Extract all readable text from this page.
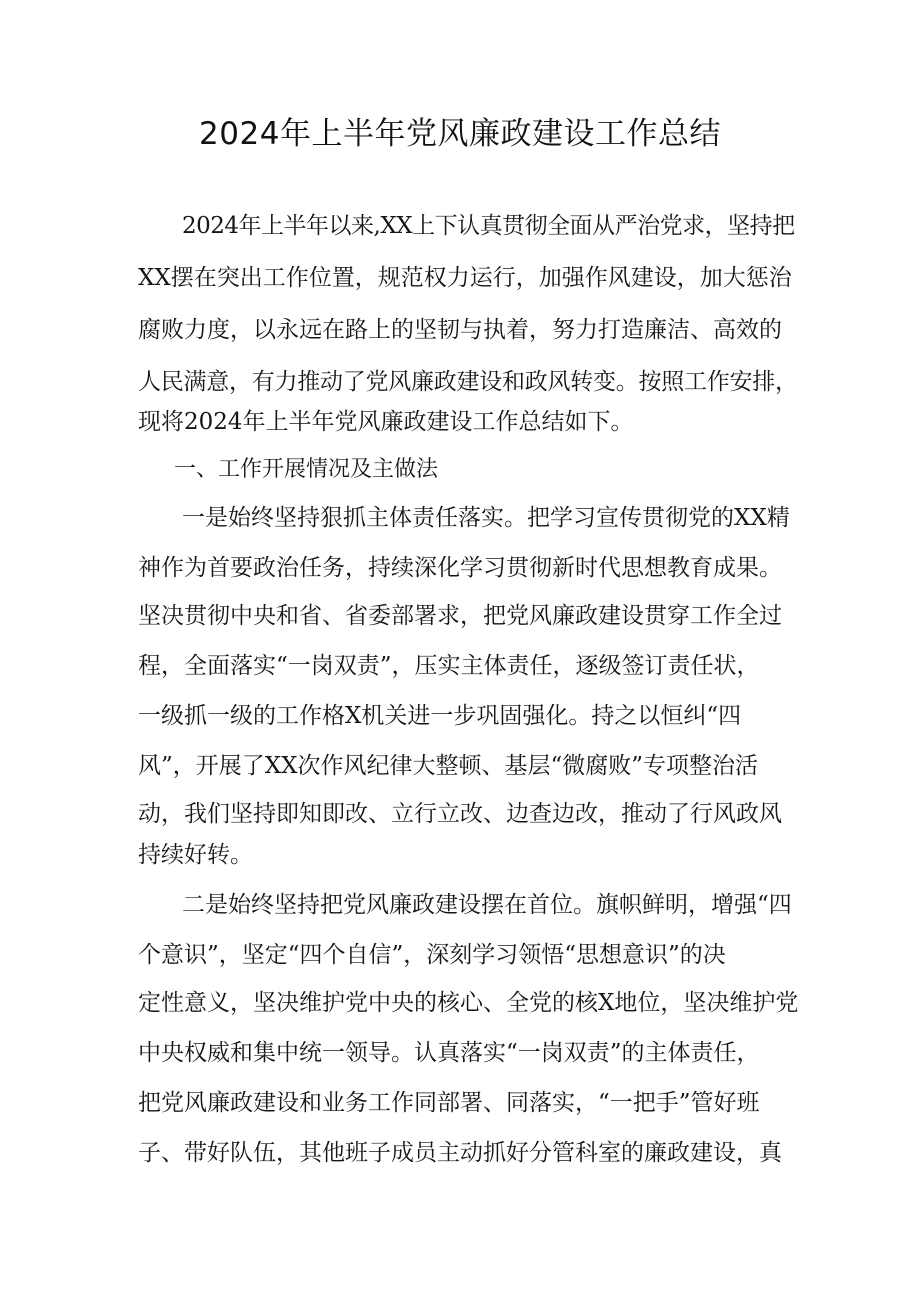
2024年上半年党风廉政建设工作总结
2024年上半年以来,XX上下认真贯彻全面从严治党求，坚持把
XX摆在突出工作位置，规范权力运行，加强作风建设，加大惩治
腐败力度，以永远在路上的坚韧与执着，努力打造廉洁、高效的
人民满意，有力推动了党风廉政建设和政风转变。按照工作安排，
现将2024年上半年党风廉政建设工作总结如下。
一、工作开展情况及主做法
一是始终坚持狠抓主体责任落实。把学习宣传贯彻党的XX精
神作为首要政治任务，持续深化学习贯彻新时代思想教育成果。
坚决贯彻中央和省、省委部署求，把党风廉政建设贯穿工作全过
程，全面落实“一岗双责”，压实主体责任，逐级签订责任状，
一级抓一级的工作格X机关进一步巩固强化。持之以恒纠“四
风”，开展了XX次作风纪律大整顿、基层“微腐败”专项整治活
动，我们坚持即知即改、立行立改、边查边改，推动了行风政风
持续好转。
二是始终坚持把党风廉政建设摆在首位。旗帜鲜明，增强“四
个意识”，坚定“四个自信”，深刻学习领悟“思想意识”的决
定性意义，坚决维护党中央的核心、全党的核X地位，坚决维护党
中央权威和集中统一领导。认真落实“一岗双责”的主体责任，
把党风廉政建设和业务工作同部署、同落实，“一把手”管好班
子、带好队伍，其他班子成员主动抓好分管科室的廉政建设，真
